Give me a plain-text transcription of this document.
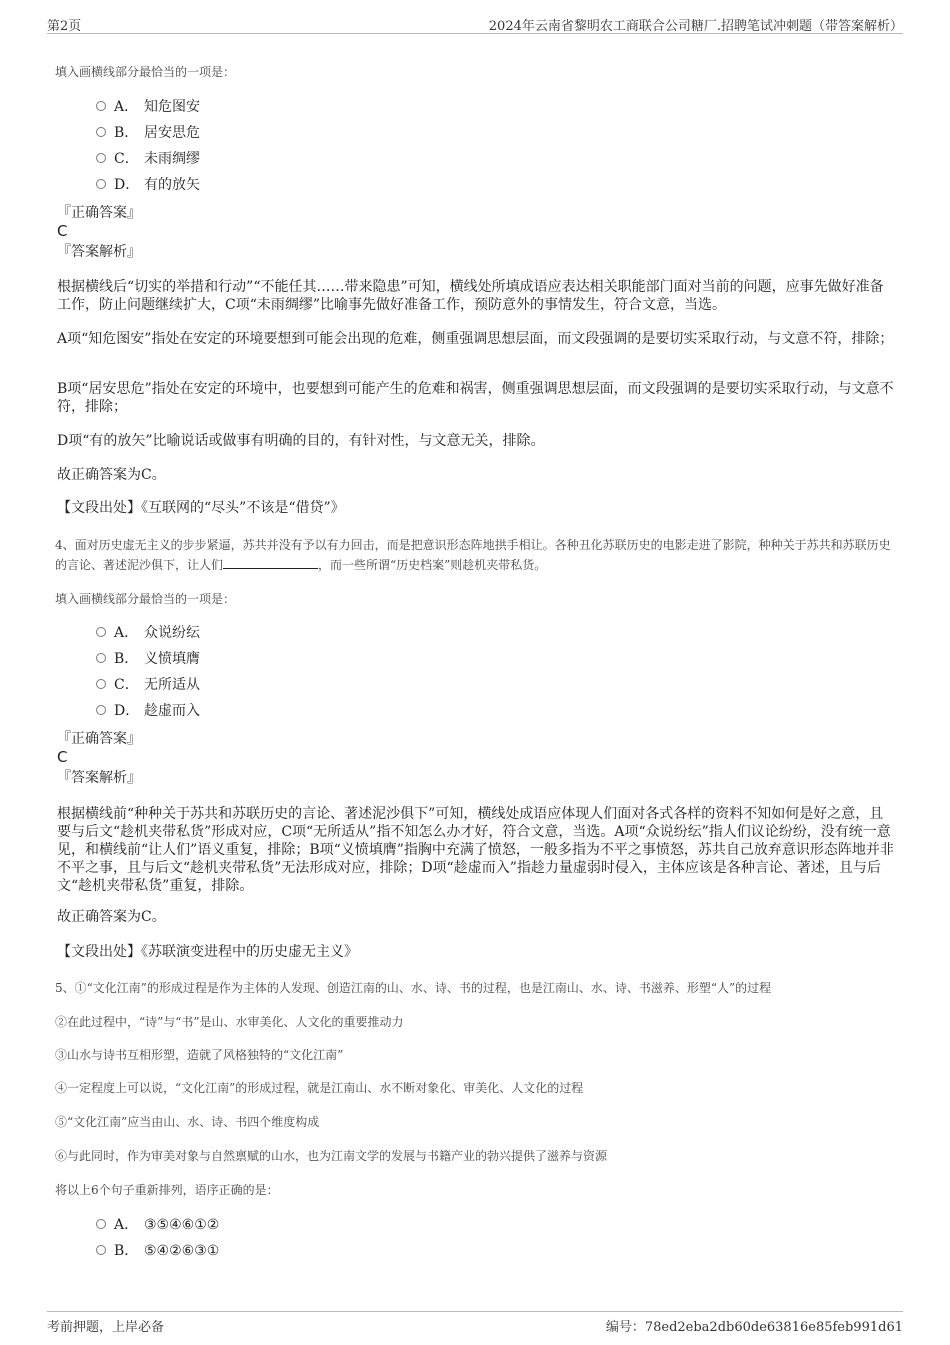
第2页	2024年云南省黎明农工商联合公司糖厂.招聘笔试冲刺题（带答案解析）
填入画横线部分最恰当的一项是：
A． 知危图安
B． 居安思危
C． 未雨绸缪
D． 有的放矢
『正确答案』
C
『答案解析』
根据横线后“切实的举措和行动”“不能任其……带来隐患”可知，横线处所填成语应表达相关职能部门面对当前的问题，应事先做好准备工作，防止问题继续扩大，C项“未雨绸缪”比喻事先做好准备工作，预防意外的事情发生，符合文意，当选。
A项“知危图安”指处在安定的环境要想到可能会出现的危难，侧重强调思想层面，而文段强调的是要切实采取行动，与文意不符，排除；
B项“居安思危”指处在安定的环境中，也要想到可能产生的危难和祸害，侧重强调思想层面，而文段强调的是要切实采取行动，与文意不符，排除；
D项“有的放矢”比喻说话或做事有明确的目的，有针对性，与文意无关，排除。
故正确答案为C。
【文段出处】《互联网的“尽头”不该是“借贷”》
4、面对历史虚无主义的步步紧逼，苏共并没有予以有力回击，而是把意识形态阵地拱手相让。各种丑化苏联历史的电影走进了影院，种种关于苏共和苏联历史的言论、著述泥沙俱下，让人们	，而一些所谓“历史档案”则趁机夹带私货。
填入画横线部分最恰当的一项是：
A． 众说纷纭
B． 义愤填膺
C． 无所适从
D． 趁虚而入
『正确答案』
C
『答案解析』
根据横线前“种种关于苏共和苏联历史的言论、著述泥沙俱下”可知，横线处成语应体现人们面对各式各样的资料不知如何是好之意，且要与后文“趁机夹带私货”形成对应，C项“无所适从”指不知怎么办才好，符合文意，当选。A项“众说纷纭”指人们议论纷纷，没有统一意见，和横线前“让人们”语义重复，排除；B项“义愤填膺”指胸中充满了愤怒，一般多指为不平之事愤怒，苏共自己放弃意识形态阵地并非不平之事，且与后文“趁机夹带私货”无法形成对应，排除；D项“趁虚而入”指趁力量虚弱时侵入，主体应该是各种言论、著述，且与后文“趁机夹带私货”重复，排除。
故正确答案为C。
【文段出处】《苏联演变进程中的历史虚无主义》
5、①“文化江南”的形成过程是作为主体的人发现、创造江南的山、水、诗、书的过程，也是江南山、水、诗、书滋养、形塑“人”的过程
②在此过程中，“诗”与“书”是山、水审美化、人文化的重要推动力
③山水与诗书互相形塑，造就了风格独特的“文化江南”
④一定程度上可以说，“文化江南”的形成过程，就是江南山、水不断对象化、审美化、人文化的过程
⑤“文化江南”应当由山、水、诗、书四个维度构成
⑥与此同时，作为审美对象与自然禀赋的山水，也为江南文学的发展与书籍产业的勃兴提供了滋养与资源
将以上6个句子重新排列，语序正确的是：
A． ③⑤④⑥①②
B． ⑤④②⑥③①
考前押题，上岸必备	编号：78ed2eba2db60de63816e85feb991d61
